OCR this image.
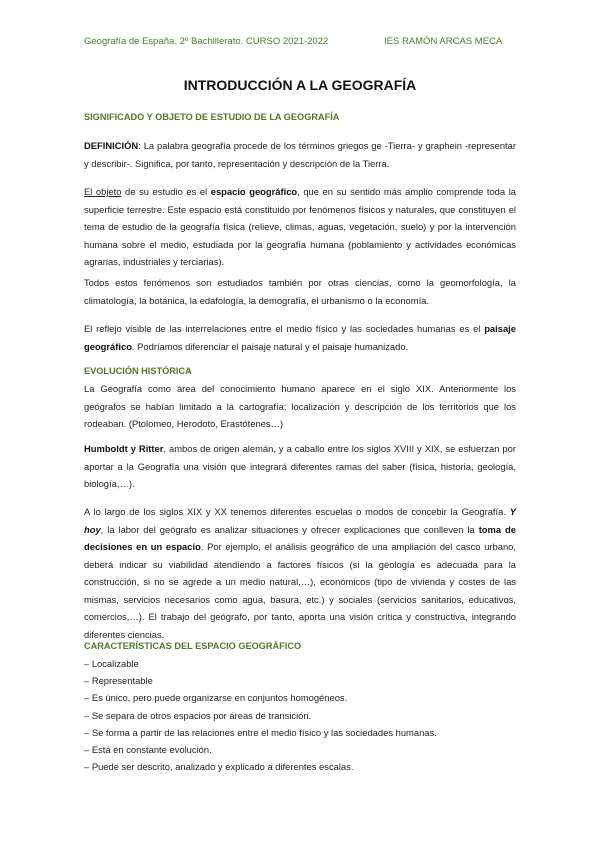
Geografía de España. 2º Bachillerato. CURSO 2021-2022	IES RAMÓN ARCAS MECA
INTRODUCCIÓN A LA GEOGRAFÍA
SIGNIFICADO Y OBJETO DE ESTUDIO DE LA GEOGRAFÍA
DEFINICIÓN: La palabra geografía procede de los términos griegos ge -Tierra- y graphein -representar y describir-. Significa, por tanto, representación y descripción de la Tierra.
El objeto de su estudio es el espacio geográfico, que en su sentido más amplio comprende toda la superficie terrestre. Este espacio está constituido por fenómenos físicos y naturales, que constituyen el tema de estudio de la geografía física (relieve, climas, aguas, vegetación, suelo) y por la intervención humana sobre el medio, estudiada por la geografía humana (poblamiento y actividades económicas agrarias, industriales y terciarias).
Todos estos fenómenos son estudiados también por otras ciencias, como la geomorfología, la climatología, la botánica, la edafología, la demografía, el urbanismo o la economía.
El reflejo visible de las interrelaciones entre el medio físico y las sociedades humanas es el paisaje geográfico. Podríamos diferenciar el paisaje natural y el paisaje humanizado.
EVOLUCIÓN HISTÓRICA
La Geografía como área del conocimiento humano aparece en el siglo XIX. Anteriormente los geógrafos se habían limitado a la cartografía: localización y descripción de los territorios que los rodeaban. (Ptolomeo, Herodoto, Erastótenes…)
Humboldt y Ritter, ambos de origen alemán, y a caballo entre los siglos XVIII y XIX, se esfuerzan por aportar a la Geografía una visión que integrará diferentes ramas del saber (física, historia, geología, biología,…).
A lo largo de los siglos XIX y XX tenemos diferentes escuelas o modos de concebir la Geografía. Y hoy, la labor del geógrafo es analizar situaciones y ofrecer explicaciones que conlleven la toma de decisiones en un espacio. Por ejemplo, el análisis geográfico de una ampliación del casco urbano, deberá indicar su viabilidad atendiendo a factores físicos (si la geología es adecuada para la construcción, si no se agrede a un medio natural,…), económicos (tipo de vivienda y costes de las mismas, servicios necesarios como agua, basura, etc.) y sociales (servicios sanitarios, educativos, comercios,…). El trabajo del geógrafo, por tanto, aporta una visión crítica y constructiva, integrando diferentes ciencias.
CARACTERÍSTICAS DEL ESPACIO GEOGRÁFICO
– Localizable
– Representable
– Es único, pero puede organizarse en conjuntos homogéneos.
– Se separa de otros espacios por áreas de transición.
– Se forma a partir de las relaciones entre el medio físico y las sociedades humanas.
– Está en constante evolución.
– Puede ser descrito, analizado y explicado a diferentes escalas.
